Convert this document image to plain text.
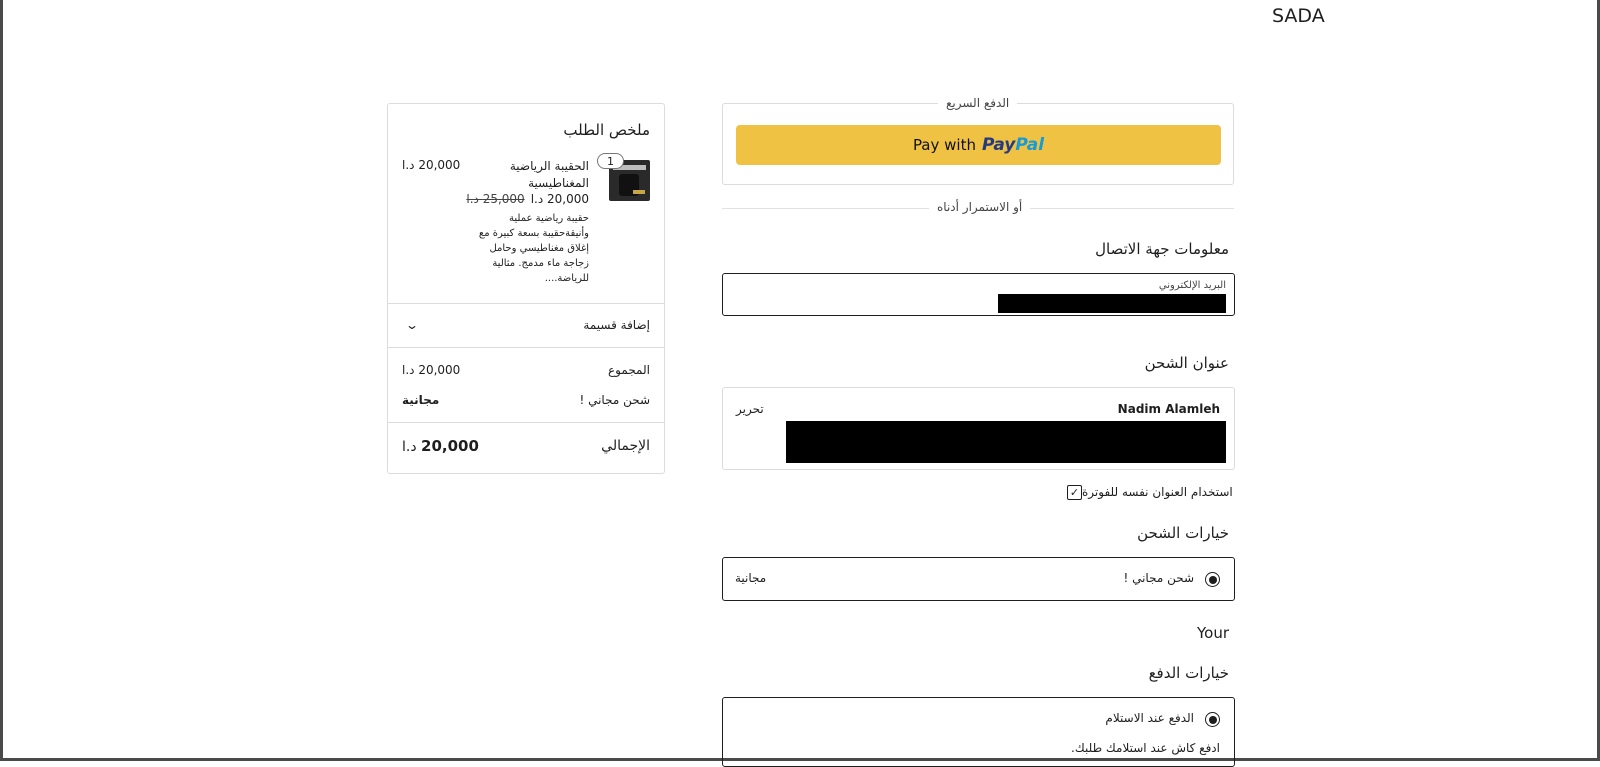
SADA
الدفع السريع
Pay with PayPal
أو الاستمرار أدناه
معلومات جهة الاتصال
البريد الإلكتروني
عنوان الشحن
Nadim Alamleh
تحرير
✓ استخدام العنوان نفسه للفوترة
خيارات الشحن
شحن مجاني !
مجانية
Your
خيارات الدفع
الدفع عند الاستلام
ادفع كاش عند استلامك طلبك.
ملخص الطلب
1
الحقيبة الرياضية المغناطيسية
20,000 د.ا
25,000 د.ا 20,000 د.ا
حقيبة رياضية عملية وأنيقةحقيبة بسعة كبيرة مع إغلاق مغناطيسي وحامل زجاجة ماء مدمج. مثالية للرياضة....
إضافة قسيمة
⌄
المجموع
20,000 د.ا
شحن مجاني !
مجانية
الإجمالي
20,000 د.ا
